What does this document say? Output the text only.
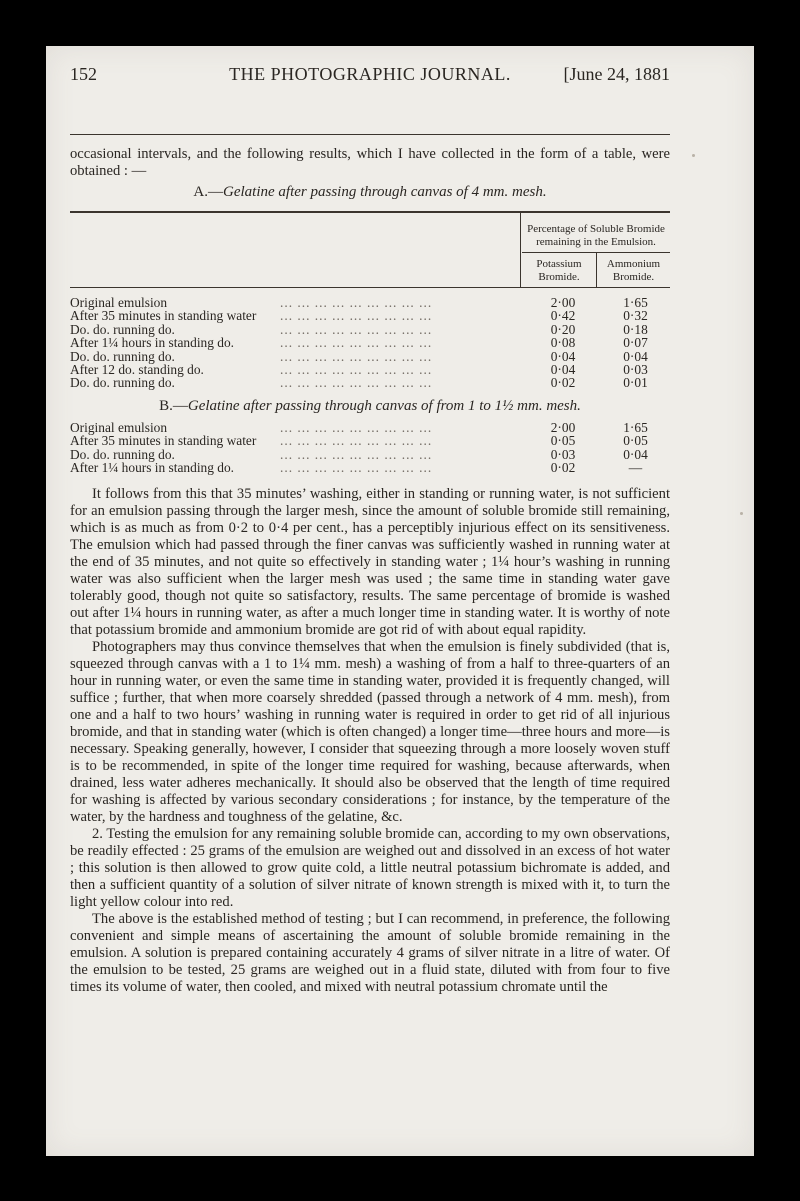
152	THE PHOTOGRAPHIC JOURNAL.	[June 24, 1881
occasional intervals, and the following results, which I have collected in the form of a table, were obtained : —
A.—Gelatine after passing through canvas of 4 mm. mesh.
Percentage of Soluble Bromide remaining in the Emulsion.
Potassium Bromide.
Ammonium Bromide.
Original emulsion	... ... ... ... ... ... ... ... ...	2·00	1·65
After 35 minutes in standing water ... ... ... ... ... ... ... ... ...	0·42	0·32
Do. do. running do.	... ... ... ... ... ... ... ... ...	0·20	0·18
After 1¼ hours in standing do.	... ... ... ... ... ... ... ... ...	0·08	0·07
Do. do. running do.	... ... ... ... ... ... ... ... ...	0·04	0·04
After 12 do. standing do.	... ... ... ... ... ... ... ... ...	0·04	0·03
Do. do. running do.	... ... ... ... ... ... ... ... ...	0·02	0·01
B.—Gelatine after passing through canvas of from 1 to 1½ mm. mesh.
Original emulsion	... ... ... ... ... ... ... ... ...	2·00	1·65
After 35 minutes in standing water ... ... ... ... ... ... ... ... ...	0·05	0·05
Do. do. running do.	... ... ... ... ... ... ... ... ...	0·03	0·04
After 1¼ hours in standing do.	... ... ... ... ... ... ... ... ...	0·02	—

It follows from this that 35 minutes’ washing, either in standing or running water, is not sufficient for an emulsion passing through the larger mesh, since the amount of soluble bromide still remaining, which is as much as from 0·2 to 0·4 per cent., has a perceptibly injurious effect on its sensitiveness. The emulsion which had passed through the finer canvas was sufficiently washed in running water at the end of 35 minutes, and not quite so effectively in standing water ; 1¼ hour’s washing in running water was also sufficient when the larger mesh was used ; the same time in standing water gave tolerably good, though not quite so satisfactory, results. The same percentage of bromide is washed out after 1¼ hours in running water, as after a much longer time in standing water. It is worthy of note that potassium bromide and ammonium bromide are got rid of with about equal rapidity.

Photographers may thus convince themselves that when the emulsion is finely subdivided (that is, squeezed through canvas with a 1 to 1¼ mm. mesh) a washing of from a half to three-quarters of an hour in running water, or even the same time in standing water, provided it is frequently changed, will suffice ; further, that when more coarsely shredded (passed through a network of 4 mm. mesh), from one and a half to two hours’ washing in running water is required in order to get rid of all injurious bromide, and that in standing water (which is often changed) a longer time—three hours and more—is necessary. Speaking generally, however, I consider that squeezing through a more loosely woven stuff is to be recommended, in spite of the longer time required for washing, because afterwards, when drained, less water adheres mechanically. It should also be observed that the length of time required for washing is affected by various secondary considerations ; for instance, by the temperature of the water, by the hardness and toughness of the gelatine, &c.

2. Testing the emulsion for any remaining soluble bromide can, according to my own observations, be readily effected : 25 grams of the emulsion are weighed out and dissolved in an excess of hot water ; this solution is then allowed to grow quite cold, a little neutral potassium bichromate is added, and then a sufficient quantity of a solution of silver nitrate of known strength is mixed with it, to turn the light yellow colour into red.

The above is the established method of testing ; but I can recommend, in preference, the following convenient and simple means of ascertaining the amount of soluble bromide remaining in the emulsion. A solution is prepared containing accurately 4 grams of silver nitrate in a litre of water. Of the emulsion to be tested, 25 grams are weighed out in a fluid state, diluted with from four to five times its volume of water, then cooled, and mixed with neutral potassium chromate until the
